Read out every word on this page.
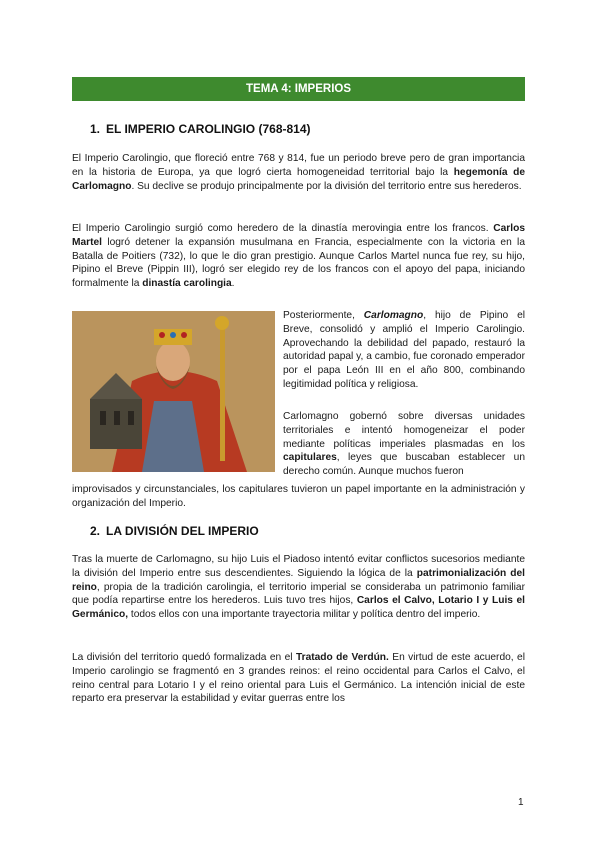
TEMA 4: IMPERIOS
1. EL IMPERIO CAROLINGIO (768-814)

El Imperio Carolingio, que floreció entre 768 y 814, fue un periodo breve pero de gran importancia en la historia de Europa, ya que logró cierta homogeneidad territorial bajo la hegemonía de Carlomagno. Su declive se produjo principalmente por la división del territorio entre sus herederos.

El Imperio Carolingio surgió como heredero de la dinastía merovingia entre los francos. Carlos Martel logró detener la expansión musulmana en Francia, especialmente con la victoria en la Batalla de Poitiers (732), lo que le dio gran prestigio. Aunque Carlos Martel nunca fue rey, su hijo, Pipino el Breve (Pippin III), logró ser elegido rey de los francos con el apoyo del papa, iniciando formalmente la dinastía carolingia.

Posteriormente, Carlomagno, hijo de Pipino el Breve, consolidó y amplió el Imperio Carolingio. Aprovechando la debilidad del papado, restauró la autoridad papal y, a cambio, fue coronado emperador por el papa León III en el año 800, combinando legitimidad política y religiosa.

Carlomagno gobernó sobre diversas unidades territoriales e intentó homogeneizar el poder mediante políticas imperiales plasmadas en los capitulares, leyes que buscaban establecer un derecho común. Aunque muchos fueron

improvisados y circunstanciales, los capitulares tuvieron un papel importante en la administración y organización del Imperio.

2. LA DIVISIÓN DEL IMPERIO

Tras la muerte de Carlomagno, su hijo Luis el Piadoso intentó evitar conflictos sucesorios mediante la división del Imperio entre sus descendientes. Siguiendo la lógica de la patrimonialización del reino, propia de la tradición carolingia, el territorio imperial se consideraba un patrimonio familiar que podía repartirse entre los herederos. Luis tuvo tres hijos, Carlos el Calvo, Lotario I y Luis el Germánico, todos ellos con una importante trayectoria militar y política dentro del imperio.

La división del territorio quedó formalizada en el Tratado de Verdún. En virtud de este acuerdo, el Imperio carolingio se fragmentó en 3 grandes reinos: el reino occidental para Carlos el Calvo, el reino central para Lotario I y el reino oriental para Luis el Germánico. La intención inicial de este reparto era preservar la estabilidad y evitar guerras entre los

1
